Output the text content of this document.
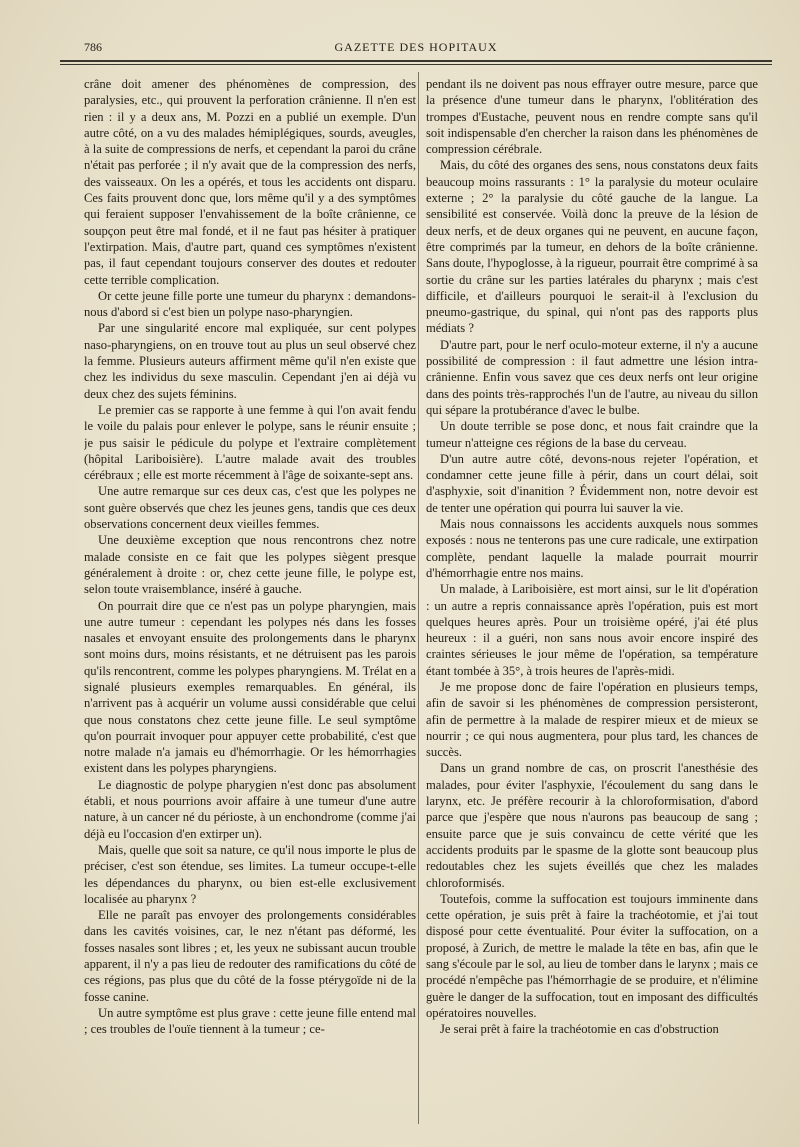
786	GAZETTE DES HOPITAUX

crâne doit amener des phénomènes de compression, des paralysies, etc., qui prouvent la perforation crânienne. Il n'en est rien : il y a deux ans, M. Pozzi en a publié un exemple. D'un autre côté, on a vu des malades hémiplégiques, sourds, aveugles, à la suite de compressions de nerfs, et cependant la paroi du crâne n'était pas perforée ; il n'y avait que de la compression des nerfs, des vaisseaux. On les a opérés, et tous les accidents ont disparu. Ces faits prouvent donc que, lors même qu'il y a des symptômes qui feraient supposer l'envahissement de la boîte crânienne, ce soupçon peut être mal fondé, et il ne faut pas hésiter à pratiquer l'extirpation. Mais, d'autre part, quand ces symptômes n'existent pas, il faut cependant toujours conserver des doutes et redouter cette terrible complication.

Or cette jeune fille porte une tumeur du pharynx : demandons-nous d'abord si c'est bien un polype naso-pharyngien.

Par une singularité encore mal expliquée, sur cent polypes naso-pharyngiens, on en trouve tout au plus un seul observé chez la femme. Plusieurs auteurs affirment même qu'il n'en existe que chez les individus du sexe masculin. Cependant j'en ai déjà vu deux chez des sujets féminins.

Le premier cas se rapporte à une femme à qui l'on avait fendu le voile du palais pour enlever le polype, sans le réunir ensuite ; je pus saisir le pédicule du polype et l'extraire complètement (hôpital Lariboisière). L'autre malade avait des troubles cérébraux ; elle est morte récemment à l'âge de soixante-sept ans.

Une autre remarque sur ces deux cas, c'est que les polypes ne sont guère observés que chez les jeunes gens, tandis que ces deux observations concernent deux vieilles femmes.

Une deuxième exception que nous rencontrons chez notre malade consiste en ce fait que les polypes siègent presque généralement à droite : or, chez cette jeune fille, le polype est, selon toute vraisemblance, inséré à gauche.

On pourrait dire que ce n'est pas un polype pharyngien, mais une autre tumeur : cependant les polypes nés dans les fosses nasales et envoyant ensuite des prolongements dans le pharynx sont moins durs, moins résistants, et ne détruisent pas les parois qu'ils rencontrent, comme les polypes pharyngiens. M. Trélat en a signalé plusieurs exemples remarquables. En général, ils n'arrivent pas à acquérir un volume aussi considérable que celui que nous constatons chez cette jeune fille. Le seul symptôme qu'on pourrait invoquer pour appuyer cette probabilité, c'est que notre malade n'a jamais eu d'hémorrhagie. Or les hémorrhagies existent dans les polypes pharyngiens.

Le diagnostic de polype pharygien n'est donc pas absolument établi, et nous pourrions avoir affaire à une tumeur d'une autre nature, à un cancer né du périoste, à un enchondrome (comme j'ai déjà eu l'occasion d'en extirper un).

Mais, quelle que soit sa nature, ce qu'il nous importe le plus de préciser, c'est son étendue, ses limites. La tumeur occupe-t-elle les dépendances du pharynx, ou bien est-elle exclusivement localisée au pharynx ?

Elle ne paraît pas envoyer des prolongements considérables dans les cavités voisines, car, le nez n'étant pas déformé, les fosses nasales sont libres ; et, les yeux ne subissant aucun trouble apparent, il n'y a pas lieu de redouter des ramifications du côté de ces régions, pas plus que du côté de la fosse ptérygoïde ni de la fosse canine.

Un autre symptôme est plus grave : cette jeune fille entend mal ; ces troubles de l'ouïe tiennent à la tumeur ; ce-

pendant ils ne doivent pas nous effrayer outre mesure, parce que la présence d'une tumeur dans le pharynx, l'oblitération des trompes d'Eustache, peuvent nous en rendre compte sans qu'il soit indispensable d'en chercher la raison dans les phénomènes de compression cérébrale.

Mais, du côté des organes des sens, nous constatons deux faits beaucoup moins rassurants : 1° la paralysie du moteur oculaire externe ; 2° la paralysie du côté gauche de la langue. La sensibilité est conservée. Voilà donc la preuve de la lésion de deux nerfs, et de deux organes qui ne peuvent, en aucune façon, être comprimés par la tumeur, en dehors de la boîte crânienne. Sans doute, l'hypoglosse, à la rigueur, pourrait être comprimé à sa sortie du crâne sur les parties latérales du pharynx ; mais c'est difficile, et d'ailleurs pourquoi le serait-il à l'exclusion du pneumo-gastrique, du spinal, qui n'ont pas des rapports plus médiats ?

D'autre part, pour le nerf oculo-moteur externe, il n'y a aucune possibilité de compression : il faut admettre une lésion intra-crânienne. Enfin vous savez que ces deux nerfs ont leur origine dans des points très-rapprochés l'un de l'autre, au niveau du sillon qui sépare la protubérance d'avec le bulbe.

Un doute terrible se pose donc, et nous fait craindre que la tumeur n'atteigne ces régions de la base du cerveau.

D'un autre autre côté, devons-nous rejeter l'opération, et condamner cette jeune fille à périr, dans un court délai, soit d'asphyxie, soit d'inanition ? Évidemment non, notre devoir est de tenter une opération qui pourra lui sauver la vie.

Mais nous connaissons les accidents auxquels nous sommes exposés : nous ne tenterons pas une cure radicale, une extirpation complète, pendant laquelle la malade pourrait mourrir d'hémorrhagie entre nos mains.

Un malade, à Lariboisière, est mort ainsi, sur le lit d'opération : un autre a repris connaissance après l'opération, puis est mort quelques heures après. Pour un troisième opéré, j'ai été plus heureux : il a guéri, non sans nous avoir encore inspiré des craintes sérieuses le jour même de l'opération, sa température étant tombée à 35°, à trois heures de l'après-midi.

Je me propose donc de faire l'opération en plusieurs temps, afin de savoir si les phénomènes de compression persisteront, afin de permettre à la malade de respirer mieux et de mieux se nourrir ; ce qui nous augmentera, pour plus tard, les chances de succès.

Dans un grand nombre de cas, on proscrit l'anesthésie des malades, pour éviter l'asphyxie, l'écoulement du sang dans le larynx, etc. Je préfère recourir à la chloroformisation, d'abord parce que j'espère que nous n'aurons pas beaucoup de sang ; ensuite parce que je suis convaincu de cette vérité que les accidents produits par le spasme de la glotte sont beaucoup plus redoutables chez les sujets éveillés que chez les malades chloroformisés.

Toutefois, comme la suffocation est toujours imminente dans cette opération, je suis prêt à faire la trachéotomie, et j'ai tout disposé pour cette éventualité. Pour éviter la suffocation, on a proposé, à Zurich, de mettre le malade la tête en bas, afin que le sang s'écoule par le sol, au lieu de tomber dans le larynx ; mais ce procédé n'empêche pas l'hémorrhagie de se produire, et n'élimine guère le danger de la suffocation, tout en imposant des difficultés opératoires nouvelles.

Je serai prêt à faire la trachéotomie en cas d'obstruction
